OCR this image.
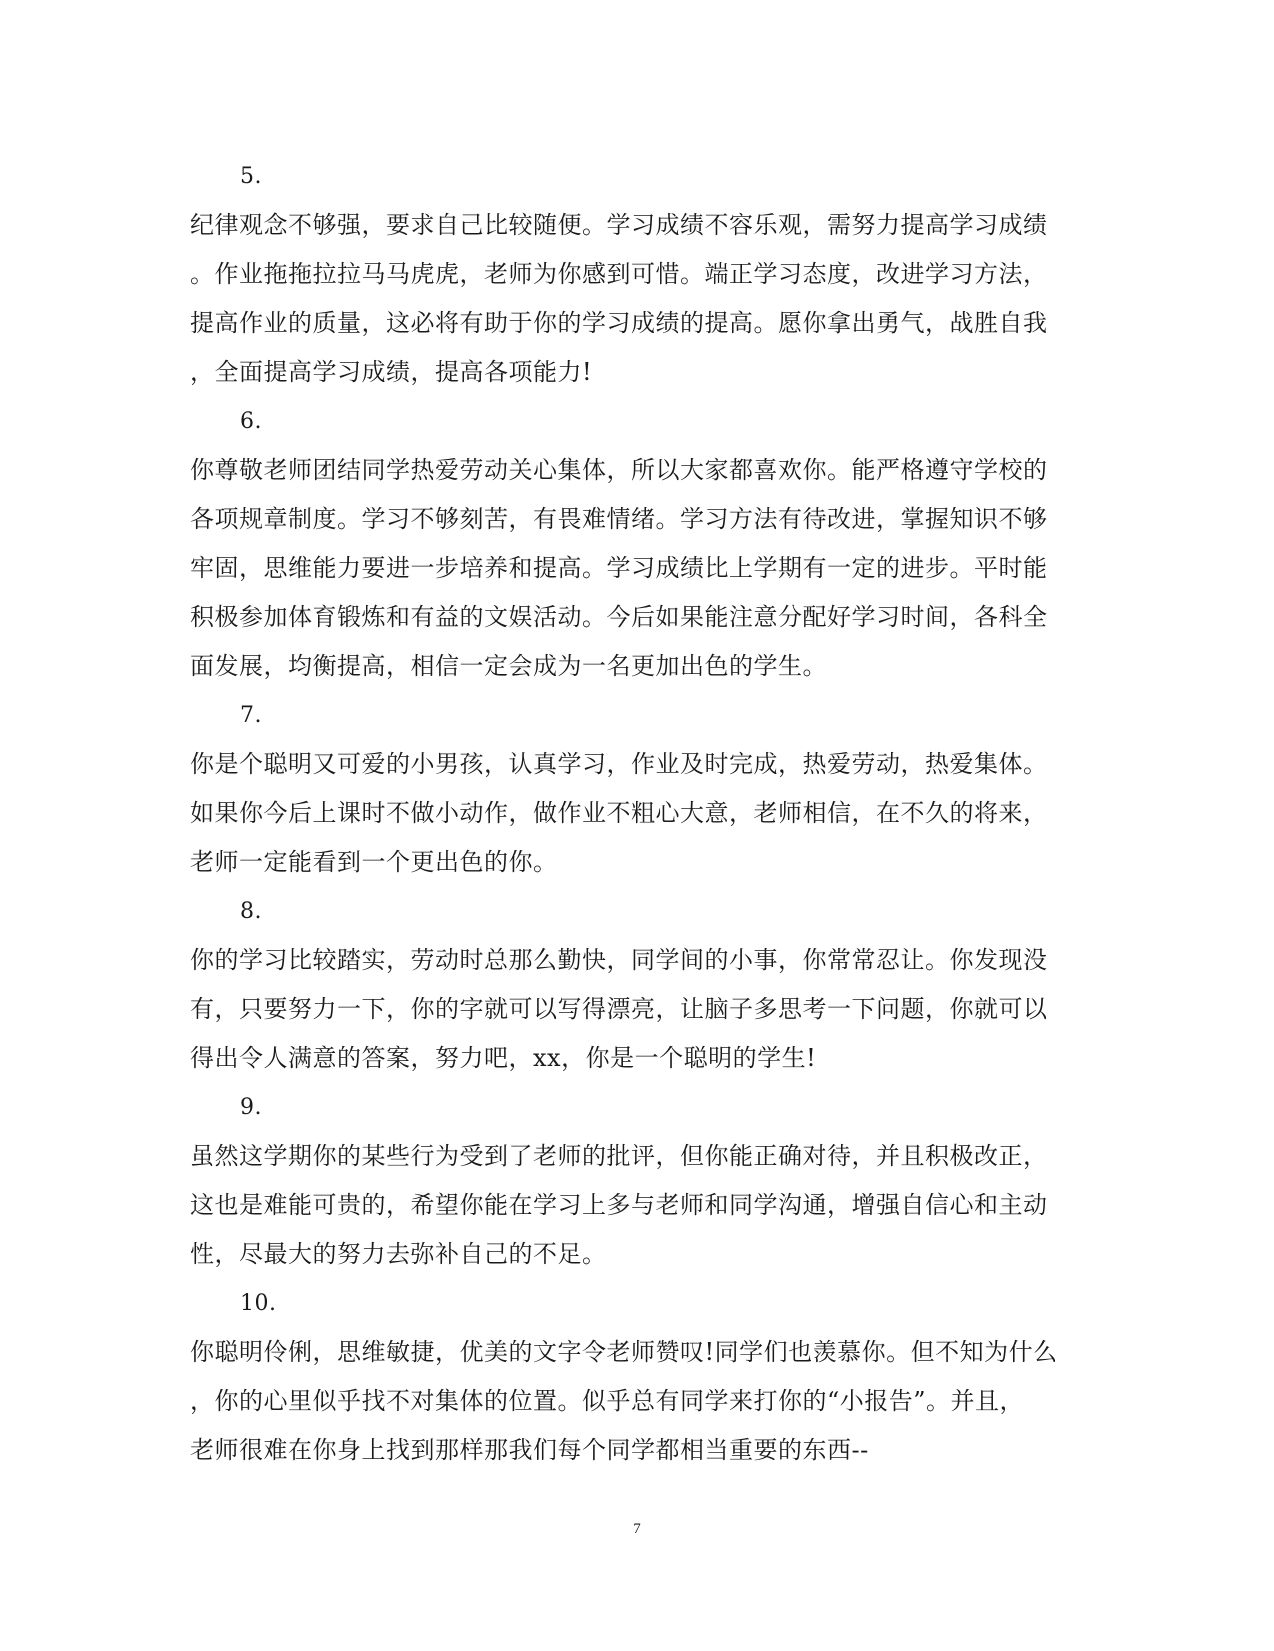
5.
纪律观念不够强，要求自己比较随便。学习成绩不容乐观，需努力提高学习成绩
。作业拖拖拉拉马马虎虎，老师为你感到可惜。端正学习态度，改进学习方法，
提高作业的质量，这必将有助于你的学习成绩的提高。愿你拿出勇气，战胜自我
，全面提高学习成绩，提高各项能力!
6.
你尊敬老师团结同学热爱劳动关心集体，所以大家都喜欢你。能严格遵守学校的
各项规章制度。学习不够刻苦，有畏难情绪。学习方法有待改进，掌握知识不够
牢固，思维能力要进一步培养和提高。学习成绩比上学期有一定的进步。平时能
积极参加体育锻炼和有益的文娱活动。今后如果能注意分配好学习时间，各科全
面发展，均衡提高，相信一定会成为一名更加出色的学生。
7.
你是个聪明又可爱的小男孩，认真学习，作业及时完成，热爱劳动，热爱集体。
如果你今后上课时不做小动作，做作业不粗心大意，老师相信，在不久的将来，
老师一定能看到一个更出色的你。
8.
你的学习比较踏实，劳动时总那么勤快，同学间的小事，你常常忍让。你发现没
有，只要努力一下，你的字就可以写得漂亮，让脑子多思考一下问题，你就可以
得出令人满意的答案，努力吧，xx，你是一个聪明的学生!
9.
虽然这学期你的某些行为受到了老师的批评，但你能正确对待，并且积极改正，
这也是难能可贵的，希望你能在学习上多与老师和同学沟通，增强自信心和主动
性，尽最大的努力去弥补自己的不足。
10.
你聪明伶俐，思维敏捷，优美的文字令老师赞叹!同学们也羡慕你。但不知为什么
，你的心里似乎找不对集体的位置。似乎总有同学来打你的“小报告”。并且，
老师很难在你身上找到那样那我们每个同学都相当重要的东西--
7
